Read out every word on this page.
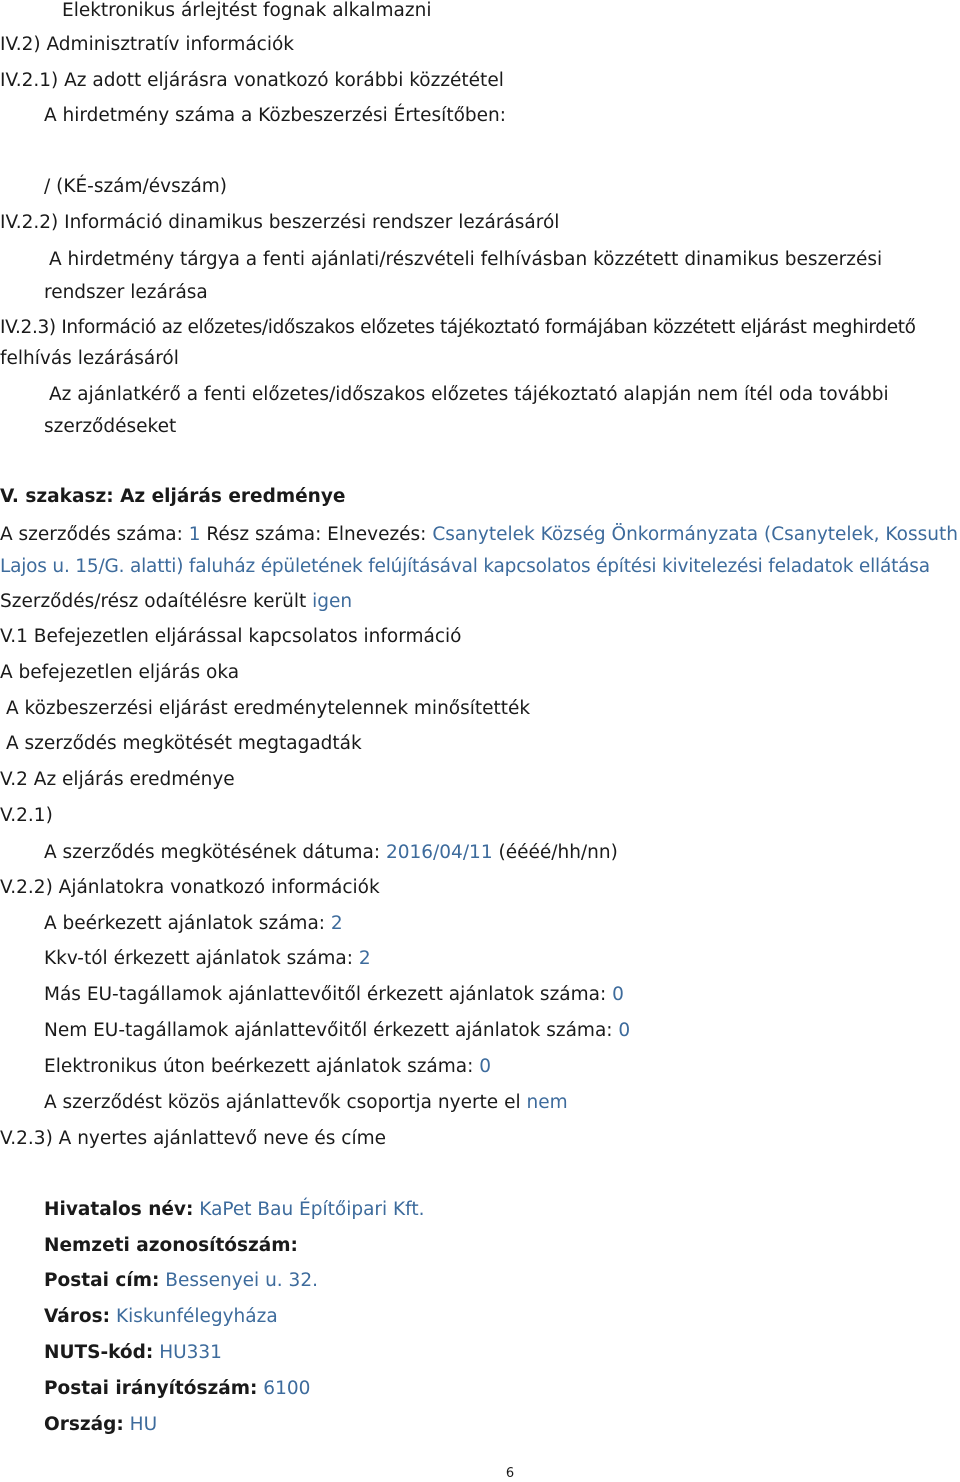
Elektronikus árlejtést fognak alkalmazni
IV.2) Adminisztratív információk
IV.2.1) Az adott eljárásra vonatkozó korábbi közzététel
A hirdetmény száma a Közbeszerzési Értesítőben:
/ (KÉ-szám/évszám)
IV.2.2) Információ dinamikus beszerzési rendszer lezárásáról
A hirdetmény tárgya a fenti ajánlati/részvételi felhívásban közzétett dinamikus beszerzési
rendszer lezárása
IV.2.3) Információ az előzetes/időszakos előzetes tájékoztató formájában közzétett eljárást meghirdető
felhívás lezárásáról
Az ajánlatkérő a fenti előzetes/időszakos előzetes tájékoztató alapján nem ítél oda további
szerződéseket
V. szakasz: Az eljárás eredménye
A szerződés száma: 1 Rész száma: Elnevezés: Csanytelek Község Önkormányzata (Csanytelek, Kossuth
Lajos u. 15/G. alatti) faluház épületének felújításával kapcsolatos építési kivitelezési feladatok ellátása
Szerződés/rész odaítélésre került igen
V.1 Befejezetlen eljárással kapcsolatos információ
A befejezetlen eljárás oka
A közbeszerzési eljárást eredménytelennek minősítették
A szerződés megkötését megtagadták
V.2 Az eljárás eredménye
V.2.1)
A szerződés megkötésének dátuma: 2016/04/11 (éééé/hh/nn)
V.2.2) Ajánlatokra vonatkozó információk
A beérkezett ajánlatok száma: 2
Kkv-tól érkezett ajánlatok száma: 2
Más EU-tagállamok ajánlattevőitől érkezett ajánlatok száma: 0
Nem EU-tagállamok ajánlattevőitől érkezett ajánlatok száma: 0
Elektronikus úton beérkezett ajánlatok száma: 0
A szerződést közös ajánlattevők csoportja nyerte el nem
V.2.3) A nyertes ajánlattevő neve és címe
Hivatalos név: KaPet Bau Építőipari Kft.
Nemzeti azonosítószám:
Postai cím: Bessenyei u. 32.
Város: Kiskunfélegyháza
NUTS-kód: HU331
Postai irányítószám: 6100
Ország: HU
6
